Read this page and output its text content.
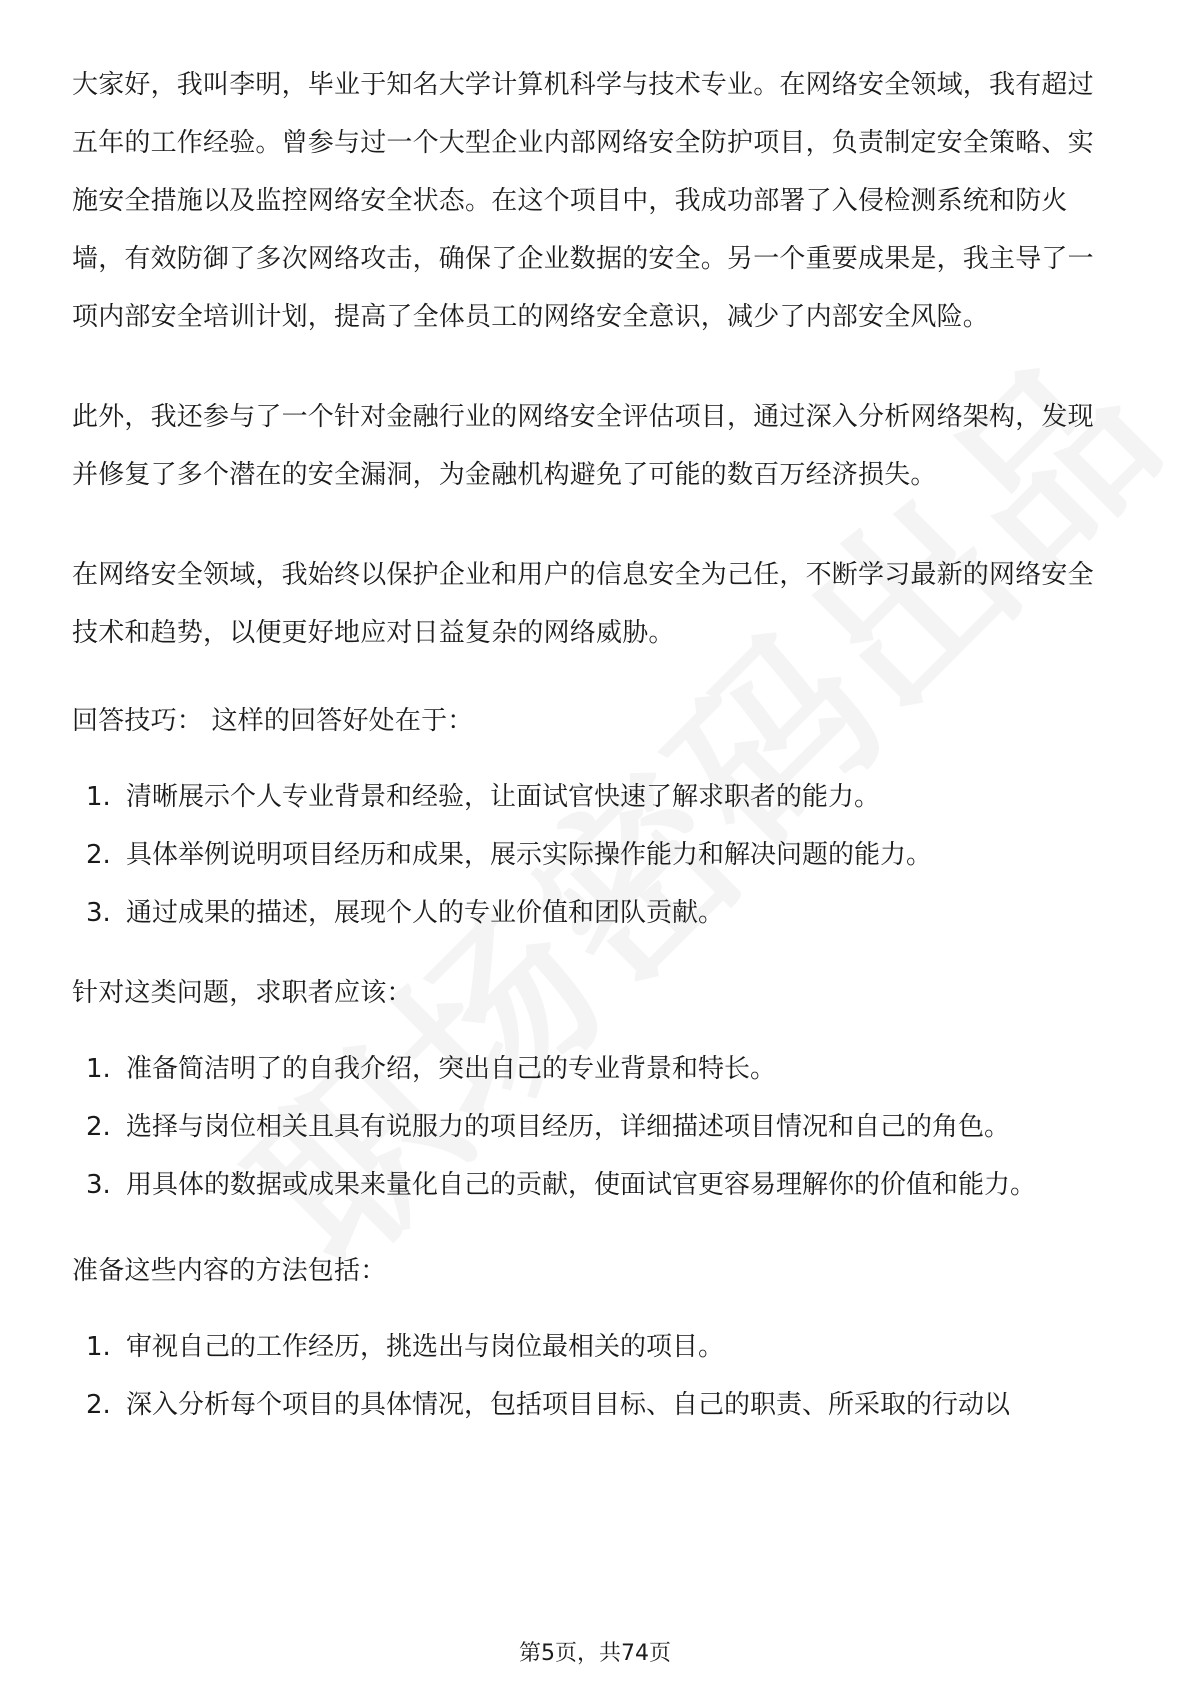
大家好，我叫李明，毕业于知名大学计算机科学与技术专业。在网络安全领域，我有超过五年的工作经验。曾参与过一个大型企业内部网络安全防护项目，负责制定安全策略、实施安全措施以及监控网络安全状态。在这个项目中，我成功部署了入侵检测系统和防火墙，有效防御了多次网络攻击，确保了企业数据的安全。另一个重要成果是，我主导了一项内部安全培训计划，提高了全体员工的网络安全意识，减少了内部安全风险。

此外，我还参与了一个针对金融行业的网络安全评估项目，通过深入分析网络架构，发现并修复了多个潜在的安全漏洞，为金融机构避免了可能的数百万经济损失。

在网络安全领域，我始终以保护企业和用户的信息安全为己任，不断学习最新的网络安全技术和趋势，以便更好地应对日益复杂的网络威胁。

回答技巧： 这样的回答好处在于：

1. 清晰展示个人专业背景和经验，让面试官快速了解求职者的能力。
2. 具体举例说明项目经历和成果，展示实际操作能力和解决问题的能力。
3. 通过成果的描述，展现个人的专业价值和团队贡献。

针对这类问题，求职者应该：

1. 准备简洁明了的自我介绍，突出自己的专业背景和特长。
2. 选择与岗位相关且具有说服力的项目经历，详细描述项目情况和自己的角色。
3. 用具体的数据或成果来量化自己的贡献，使面试官更容易理解你的价值和能力。

准备这些内容的方法包括：

1. 审视自己的工作经历，挑选出与岗位最相关的项目。
2. 深入分析每个项目的具体情况，包括项目目标、自己的职责、所采取的行动以
第5页，共74页
